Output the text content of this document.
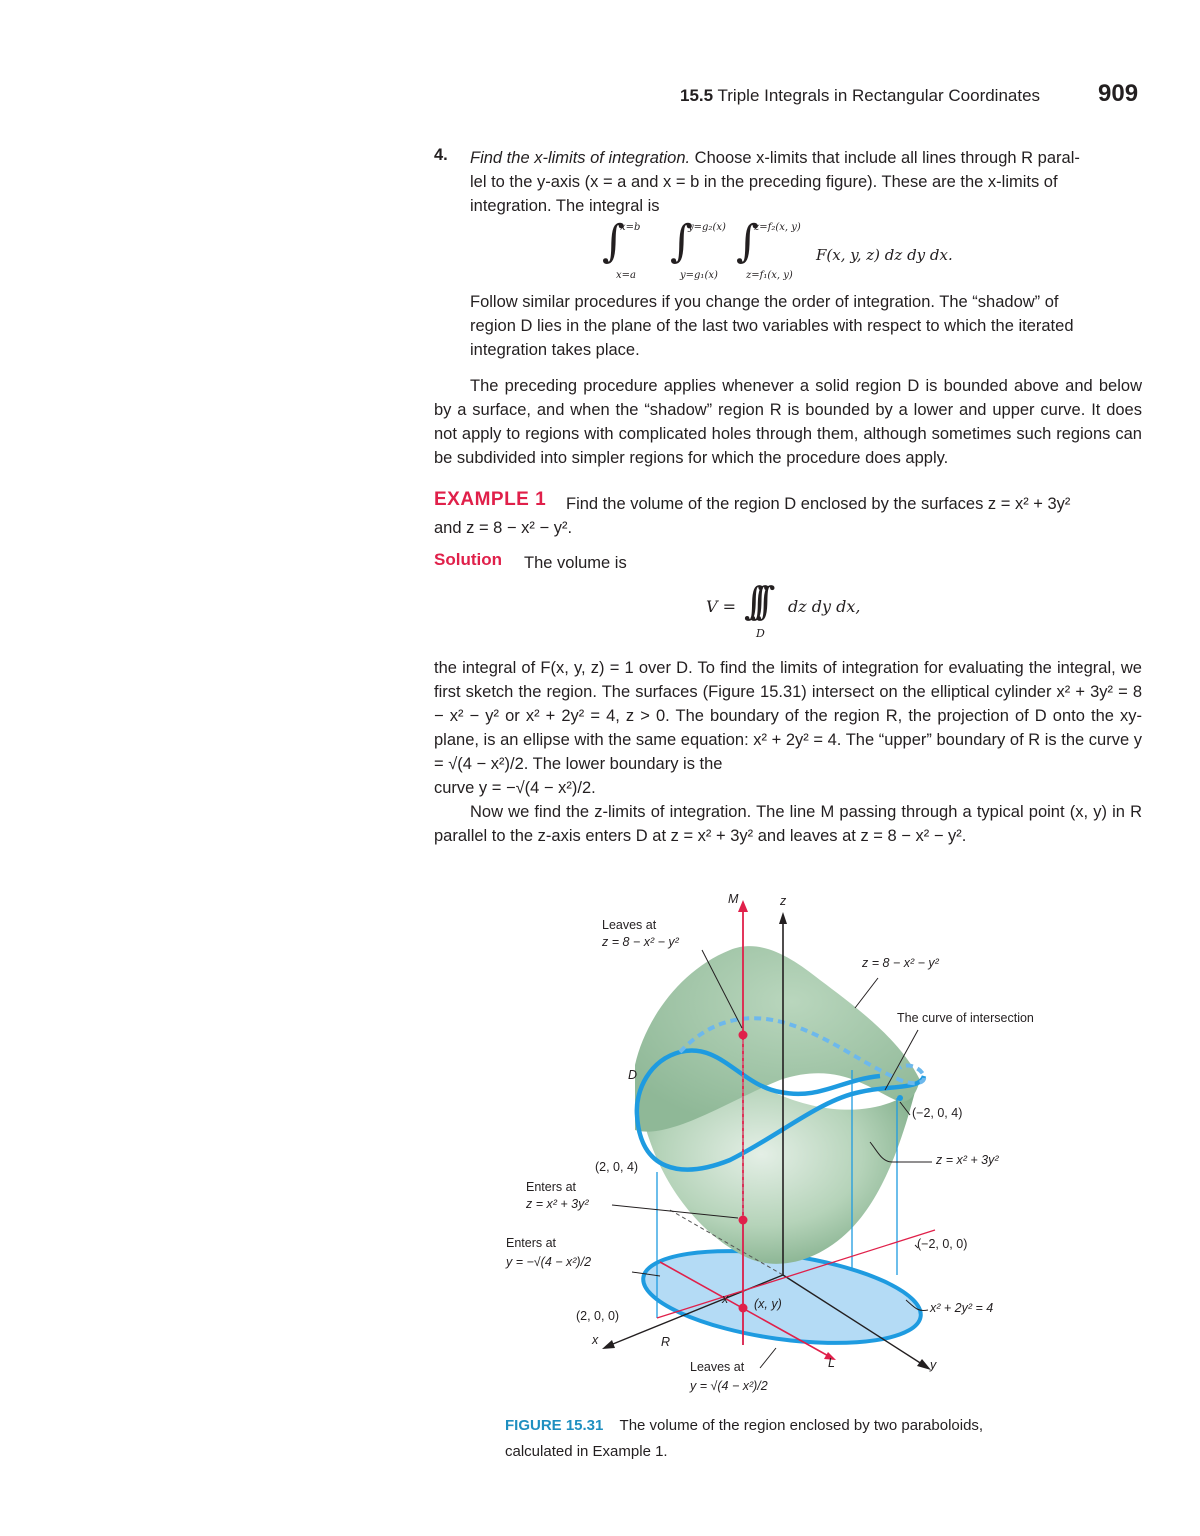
15.5 Triple Integrals in Rectangular Coordinates 909
4. Find the x-limits of integration. Choose x-limits that include all lines through R paral-
lel to the y-axis (x = a and x = b in the preceding figure). These are the x-limits of
integration. The integral is
∫
x=b
x=a
∫
y=g₂(x)
y=g₁(x)
∫
z=f₂(x, y)
z=f₁(x, y)
F(x, y, z) dz dy dx.
Follow similar procedures if you change the order of integration. The “shadow” of
region D lies in the plane of the last two variables with respect to which the iterated
integration takes place.
The preceding procedure applies whenever a solid region D is bounded above and below by a surface, and when the “shadow” region R is bounded by a lower and upper curve. It does not apply to regions with complicated holes through them, although sometimes such regions can be subdivided into simpler regions for which the procedure does apply.
EXAMPLE 1 Find the volume of the region D enclosed by the surfaces z = x² + 3y²
and z = 8 − x² − y².
Solution The volume is
V = ∫∫∫
D
dz dy dx,
the integral of F(x, y, z) = 1 over D. To find the limits of integration for evaluating the integral, we first sketch the region. The surfaces (Figure 15.31) intersect on the elliptical cylinder x² + 3y² = 8 − x² − y² or x² + 2y² = 4, z > 0. The boundary of the region R, the projection of D onto the xy-plane, is an ellipse with the same equation: x² + 2y² = 4. The “upper” boundary of R is the curve y = √(4 − x²)/2. The lower boundary is the
curve y = −√(4 − x²)/2.
Now we find the z-limits of integration. The line M passing through a typical point (x, y) in R parallel to the z-axis enters D at z = x² + 3y² and leaves at z = 8 − x² − y².
M	z
Leaves at
z = 8 − x² − y²
z = 8 − x² − y²
The curve of intersection
D
(−2, 0, 4)
(2, 0, 4)	z = x² + 3y²
Enters at
z = x² + 3y²
Enters at
y = −√(4 − x²)/2
(−2, 0, 0)
x (x, y)	x² + 2y² = 4
(2, 0, 0)
x	R
L	y
Leaves at
y = √(4 − x²)/2
FIGURE 15.31 The volume of the region enclosed by two paraboloids,
calculated in Example 1.
